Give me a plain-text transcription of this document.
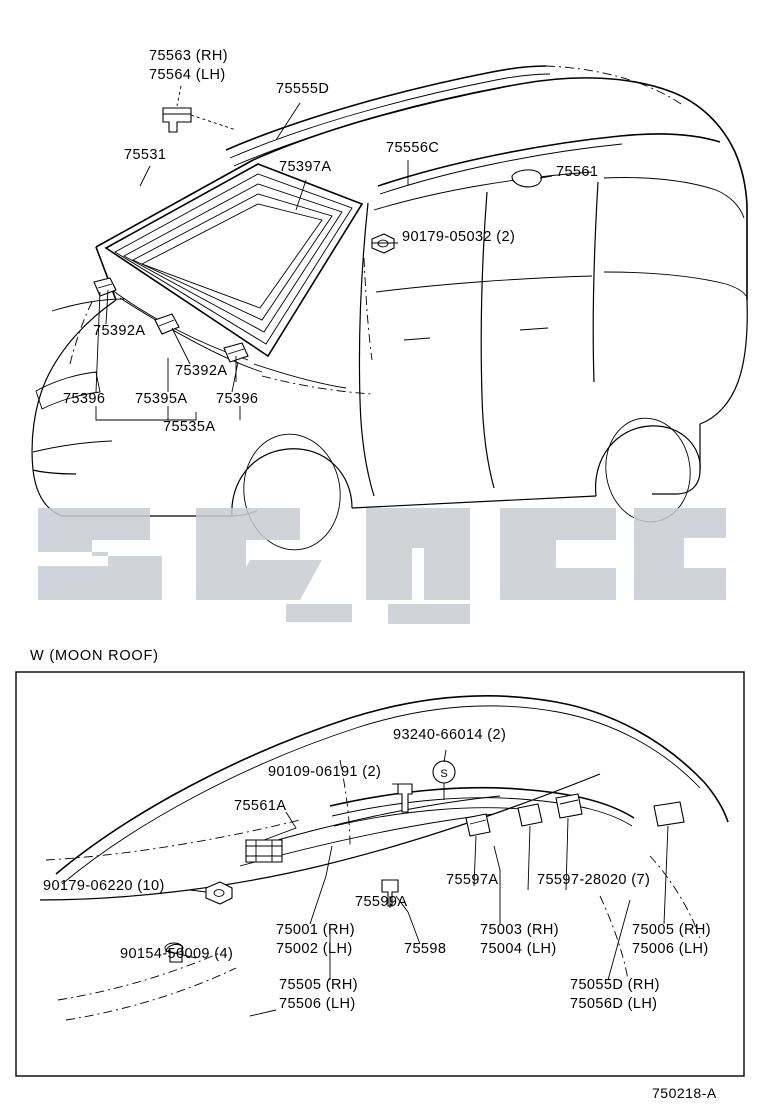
S
75563 (RH)
75564 (LH)
75555D
75531
75397A
75556C
75561
90179-05032 (2)
75392A
75392A
75396 75395A 75396
75535A
W (MOON ROOF)
93240-66014 (2)
90109-06191 (2)
75561A
90179-06220 (10)	75597A	75597-28020 (7)
75599A
90154-50009 (4)
75001 (RH)
75002 (LH)	75598
75003 (RH)
75004 (LH)
75005 (RH)
75006 (LH)
75505 (RH)
75506 (LH)
75055D (RH)
75056D (LH)
750218-A
